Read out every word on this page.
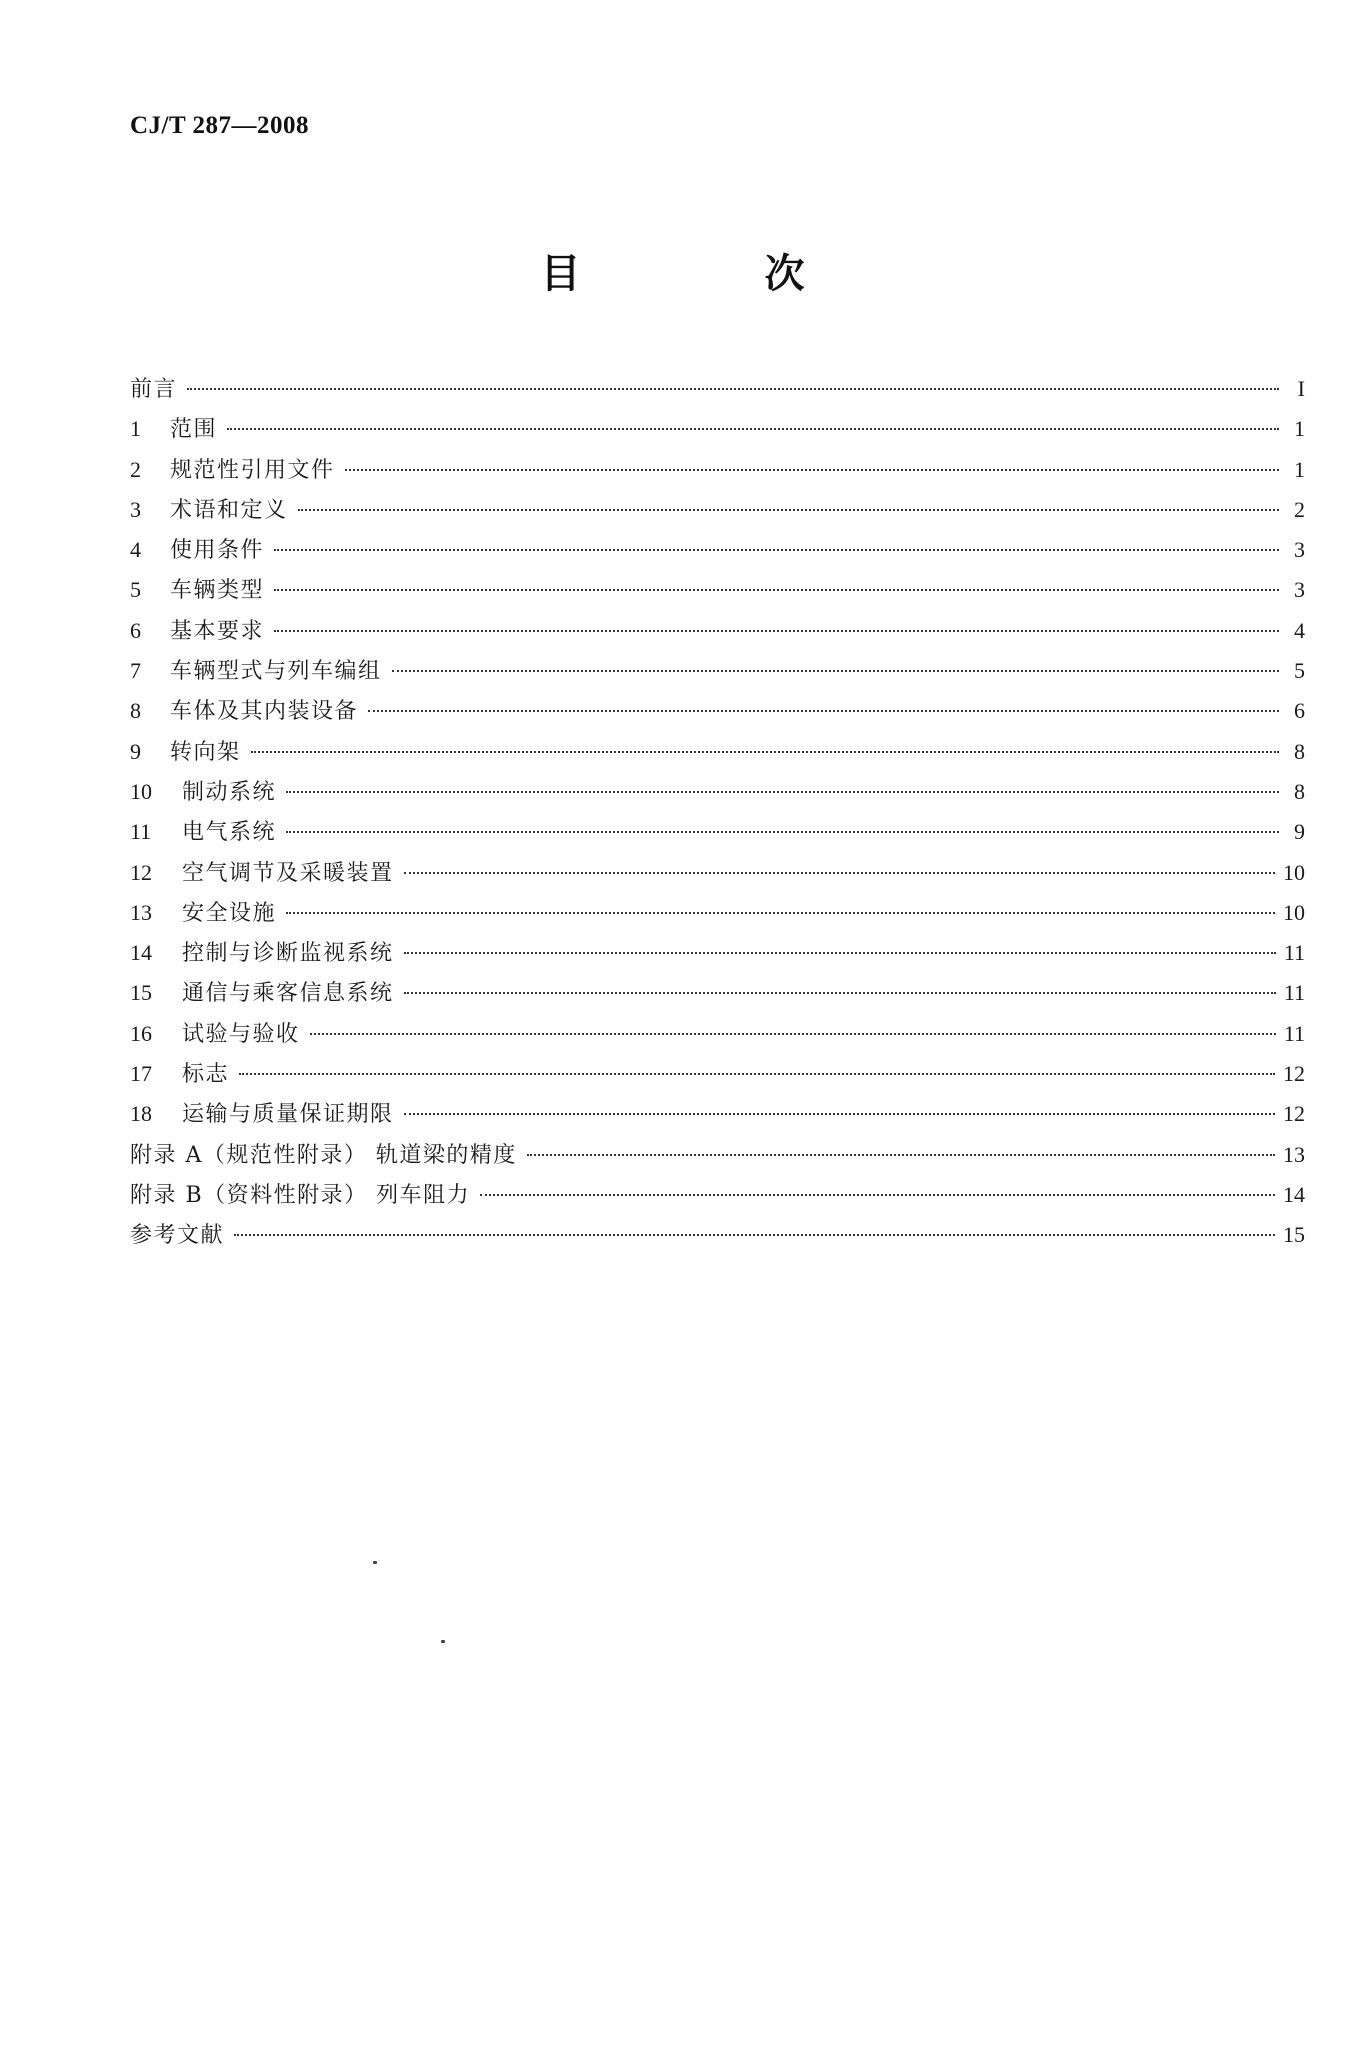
CJ/T 287—2008
目 次
前言	I
1	范围	1
2	规范性引用文件	1
3	术语和定义	2
4	使用条件	3
5	车辆类型	3
6	基本要求	4
7	车辆型式与列车编组	5
8	车体及其内装设备	6
9	转向架	8
10	制动系统	8
11	电气系统	9
12	空气调节及采暖装置	10
13	安全设施	10
14	控制与诊断监视系统	11
15	通信与乘客信息系统	11
16	试验与验收	11
17	标志	12
18	运输与质量保证期限	12
附录 A（规范性附录） 轨道梁的精度	13
附录 B（资料性附录） 列车阻力	14
参考文献	15
